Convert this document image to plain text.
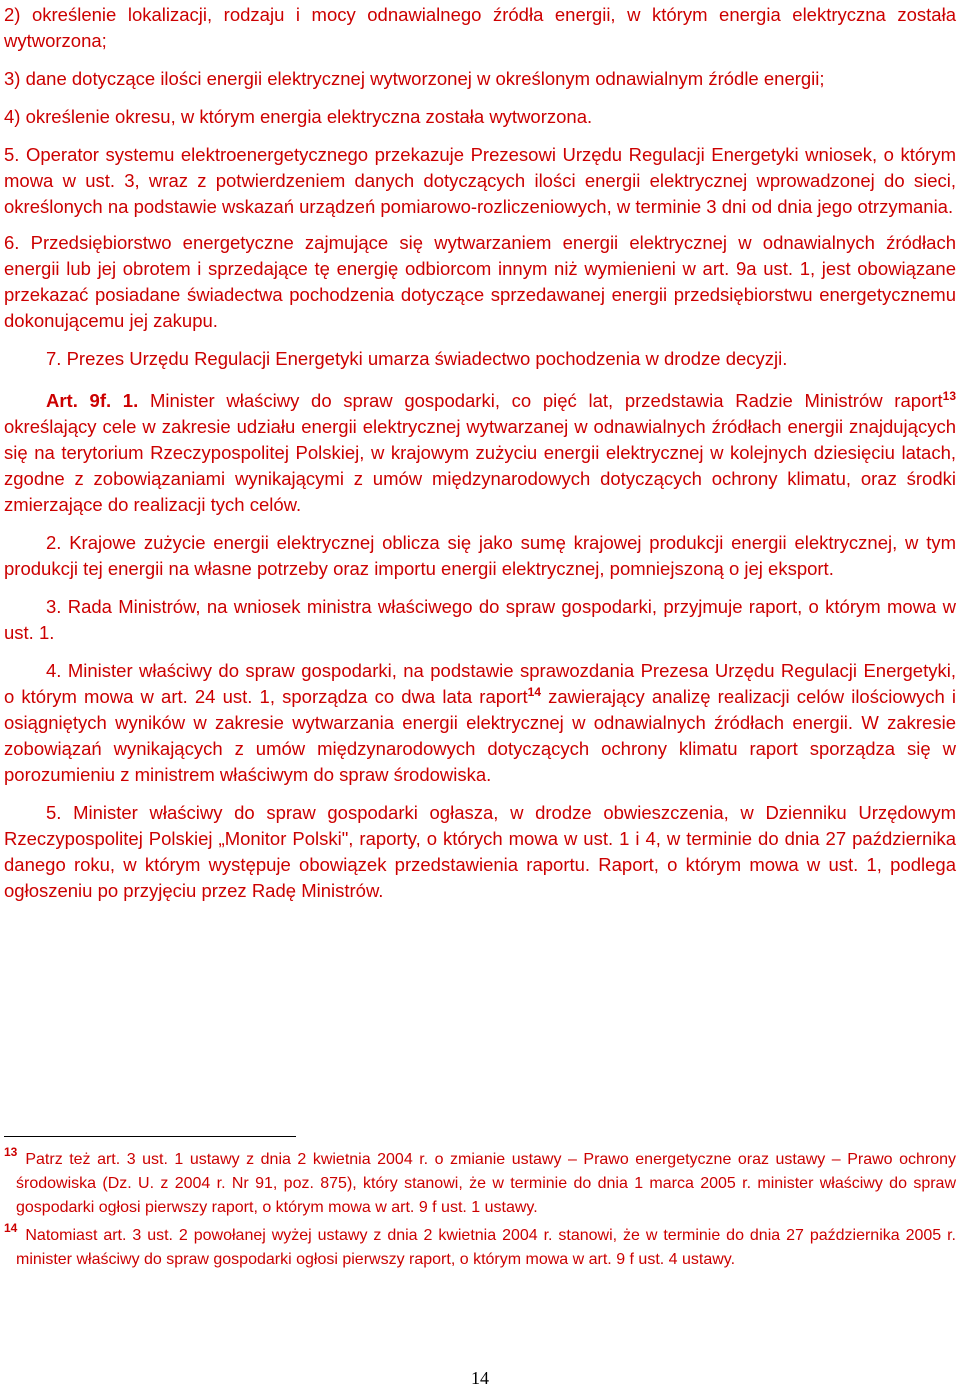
2) określenie lokalizacji, rodzaju i mocy odnawialnego źródła energii, w którym energia elektryczna została wytworzona;

3) dane dotyczące ilości energii elektrycznej wytworzonej w określonym odnawialnym źródle energii;

4) określenie okresu, w którym energia elektryczna została wytworzona.

5. Operator systemu elektroenergetycznego przekazuje Prezesowi Urzędu Regulacji Energetyki wniosek, o którym mowa w ust. 3, wraz z potwierdzeniem danych dotyczących ilości energii elektrycznej wprowadzonej do sieci, określonych na podstawie wskazań urządzeń pomiarowo-rozliczeniowych, w terminie 3 dni od dnia jego otrzymania.

6. Przedsiębiorstwo energetyczne zajmujące się wytwarzaniem energii elektrycznej w odnawialnych źródłach energii lub jej obrotem i sprzedające tę energię odbiorcom innym niż wymienieni w art. 9a ust. 1, jest obowiązane przekazać posiadane świadectwa pochodzenia dotyczące sprzedawanej energii przedsiębiorstwu energetycznemu dokonującemu jej zakupu.

7. Prezes Urzędu Regulacji Energetyki umarza świadectwo pochodzenia w drodze decyzji.

Art. 9f. 1. Minister właściwy do spraw gospodarki, co pięć lat, przedstawia Radzie Ministrów raport$^{13}$ określający cele w zakresie udziału energii elektrycznej wytwarzanej w odnawialnych źródłach energii znajdujących się na terytorium Rzeczypospolitej Polskiej, w krajowym zużyciu energii elektrycznej w kolejnych dziesięciu latach, zgodne z zobowiązaniami wynikającymi z umów międzynarodowych dotyczących ochrony klimatu, oraz środki zmierzające do realizacji tych celów.

2. Krajowe zużycie energii elektrycznej oblicza się jako sumę krajowej produkcji energii elektrycznej, w tym produkcji tej energii na własne potrzeby oraz importu energii elektrycznej, pomniejszoną o jej eksport.

3. Rada Ministrów, na wniosek ministra właściwego do spraw gospodarki, przyjmuje raport, o którym mowa w ust. 1.

4. Minister właściwy do spraw gospodarki, na podstawie sprawozdania Prezesa Urzędu Regulacji Energetyki, o którym mowa w art. 24 ust. 1, sporządza co dwa lata raport$^{14}$ zawierający analizę realizacji celów ilościowych i osiągniętych wyników w zakresie wytwarzania energii elektrycznej w odnawialnych źródłach energii. W zakresie zobowiązań wynikających z umów międzynarodowych dotyczących ochrony klimatu raport sporządza się w porozumieniu z ministrem właściwym do spraw środowiska.

5. Minister właściwy do spraw gospodarki ogłasza, w drodze obwieszczenia, w Dzienniku Urzędowym Rzeczypospolitej Polskiej „Monitor Polski", raporty, o których mowa w ust. 1 i 4, w terminie do dnia 27 października danego roku, w którym występuje obowiązek przedstawienia raportu. Raport, o którym mowa w ust. 1, podlega ogłoszeniu po przyjęciu przez Radę Ministrów.

$^{13}$ Patrz też art. 3 ust. 1 ustawy z dnia 2 kwietnia 2004 r. o zmianie ustawy – Prawo energetyczne oraz ustawy – Prawo ochrony środowiska (Dz. U. z 2004 r. Nr 91, poz. 875), który stanowi, że w terminie do dnia 1 marca 2005 r. minister właściwy do spraw gospodarki ogłosi pierwszy raport, o którym mowa w art. 9 f ust. 1 ustawy.

$^{14}$ Natomiast art. 3 ust. 2 powołanej wyżej ustawy z dnia 2 kwietnia 2004 r. stanowi, że w terminie do dnia 27 października 2005 r. minister właściwy do spraw gospodarki ogłosi pierwszy raport, o którym mowa w art. 9 f ust. 4 ustawy.

14
